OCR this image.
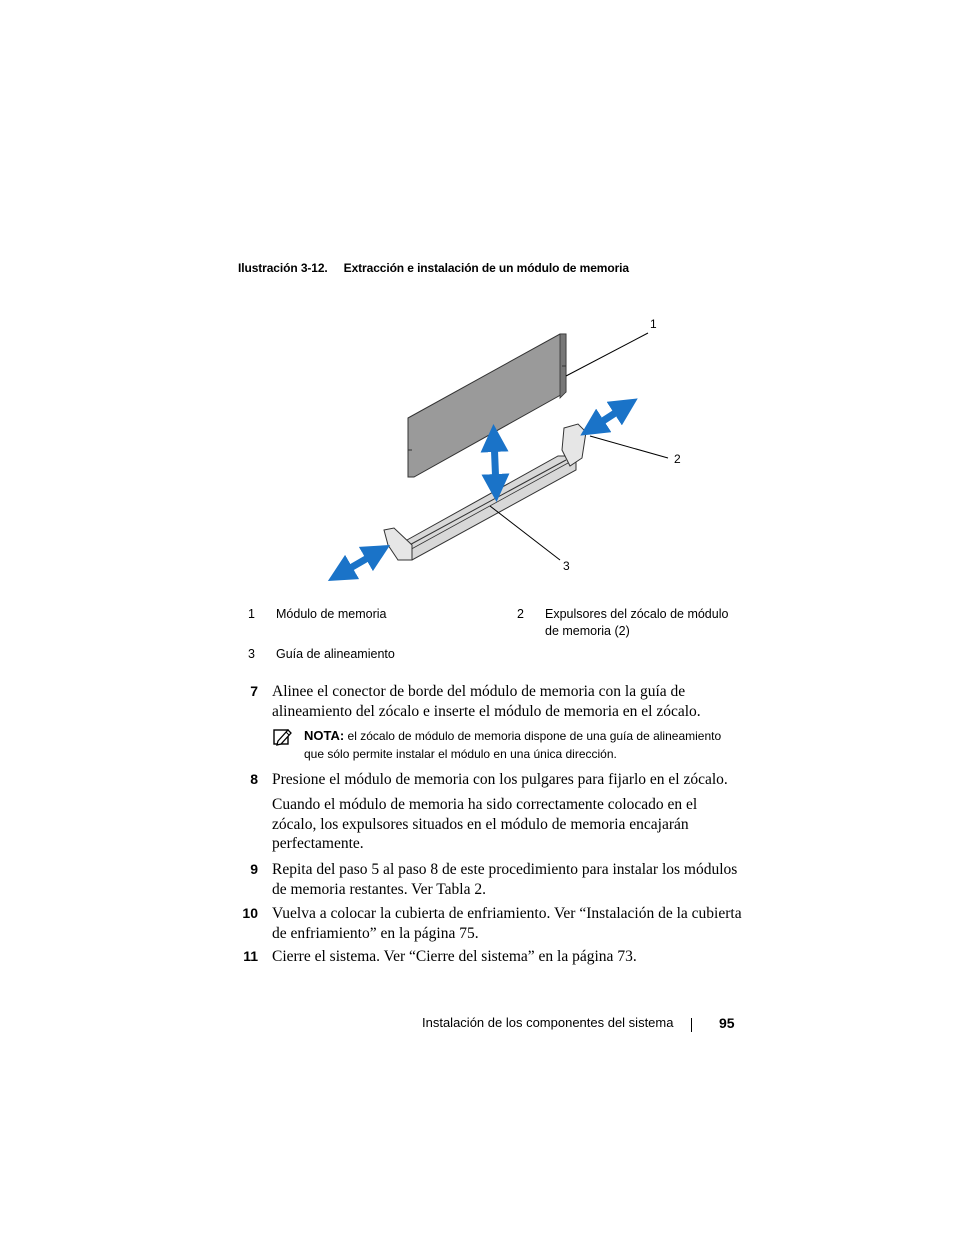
Ilustración 3-12. Extracción e instalación de un módulo de memoria
1
2
3
1 Módulo de memoria	2 Expulsores del zócalo de módulo de memoria (2)
3 Guía de alineamiento
7 Alinee el conector de borde del módulo de memoria con la guía de alineamiento del zócalo e inserte el módulo de memoria en el zócalo.
NOTA: el zócalo de módulo de memoria dispone de una guía de alineamiento que sólo permite instalar el módulo en una única dirección.
8 Presione el módulo de memoria con los pulgares para fijarlo en el zócalo.
Cuando el módulo de memoria ha sido correctamente colocado en el zócalo, los expulsores situados en el módulo de memoria encajarán perfectamente.
9 Repita del paso 5 al paso 8 de este procedimiento para instalar los módulos de memoria restantes. Ver Tabla 2.
10 Vuelva a colocar la cubierta de enfriamiento. Ver “Instalación de la cubierta de enfriamiento” en la página 75.
11 Cierre el sistema. Ver “Cierre del sistema” en la página 73.
Instalación de los componentes del sistema	95
